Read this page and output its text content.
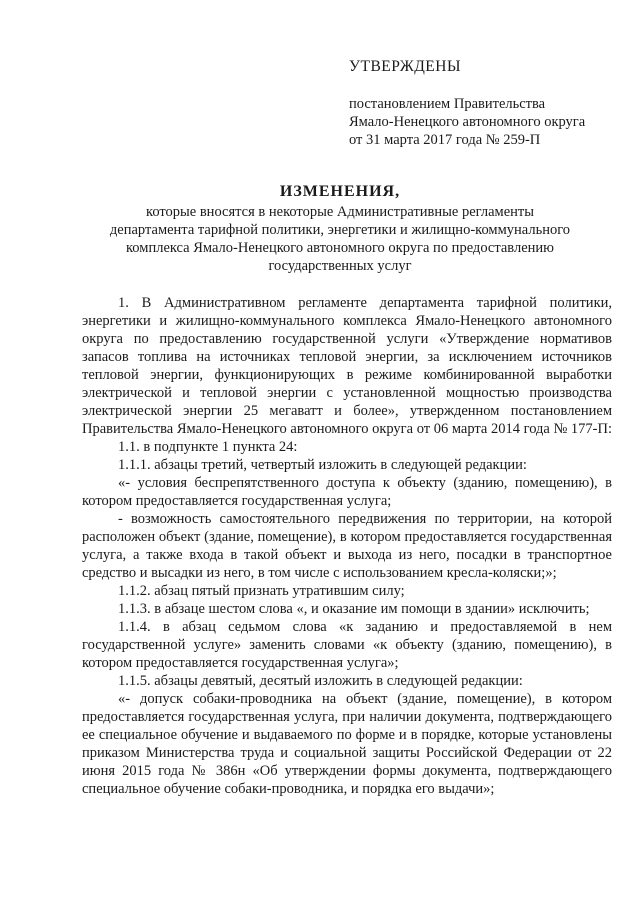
УТВЕРЖДЕНЫ
постановлением Правительства
Ямало-Ненецкого автономного округа
от 31 марта 2017 года № 259-П
ИЗМЕНЕНИЯ,
которые вносятся в некоторые Административные регламенты
департамента тарифной политики, энергетики и жилищно-коммунального
комплекса Ямало-Ненецкого автономного округа по предоставлению
государственных услуг

1. В Административном регламенте департамента тарифной политики, энергетики и жилищно-коммунального комплекса Ямало-Ненецкого автономного округа по предоставлению государственной услуги «Утверждение нормативов запасов топлива на источниках тепловой энергии, за исключением источников тепловой энергии, функционирующих в режиме комбинированной выработки электрической и тепловой энергии с установленной мощностью производства электрической энергии 25 мегаватт и более», утвержденном постановлением Правительства Ямало-Ненецкого автономного округа от 06 марта 2014 года № 177-П:

1.1. в подпункте 1 пункта 24:

1.1.1. абзацы третий, четвертый изложить в следующей редакции:

«- условия беспрепятственного доступа к объекту (зданию, помещению), в котором предоставляется государственная услуга;

- возможность самостоятельного передвижения по территории, на которой расположен объект (здание, помещение), в котором предоставляется государственная услуга, а также входа в такой объект и выхода из него, посадки в транспортное средство и высадки из него, в том числе с использованием кресла-коляски;»;

1.1.2. абзац пятый признать утратившим силу;

1.1.3. в абзаце шестом слова «, и оказание им помощи в здании» исключить;

1.1.4. в абзац седьмом слова «к заданию и предоставляемой в нем государственной услуге» заменить словами «к объекту (зданию, помещению), в котором предоставляется государственная услуга»;

1.1.5. абзацы девятый, десятый изложить в следующей редакции:

«- допуск собаки-проводника на объект (здание, помещение), в котором предоставляется государственная услуга, при наличии документа, подтверждающего ее специальное обучение и выдаваемого по форме и в порядке, которые установлены приказом Министерства труда и социальной защиты Российской Федерации от 22 июня 2015 года № 386н «Об утверждении формы документа, подтверждающего специальное обучение собаки-проводника, и порядка его выдачи»;
